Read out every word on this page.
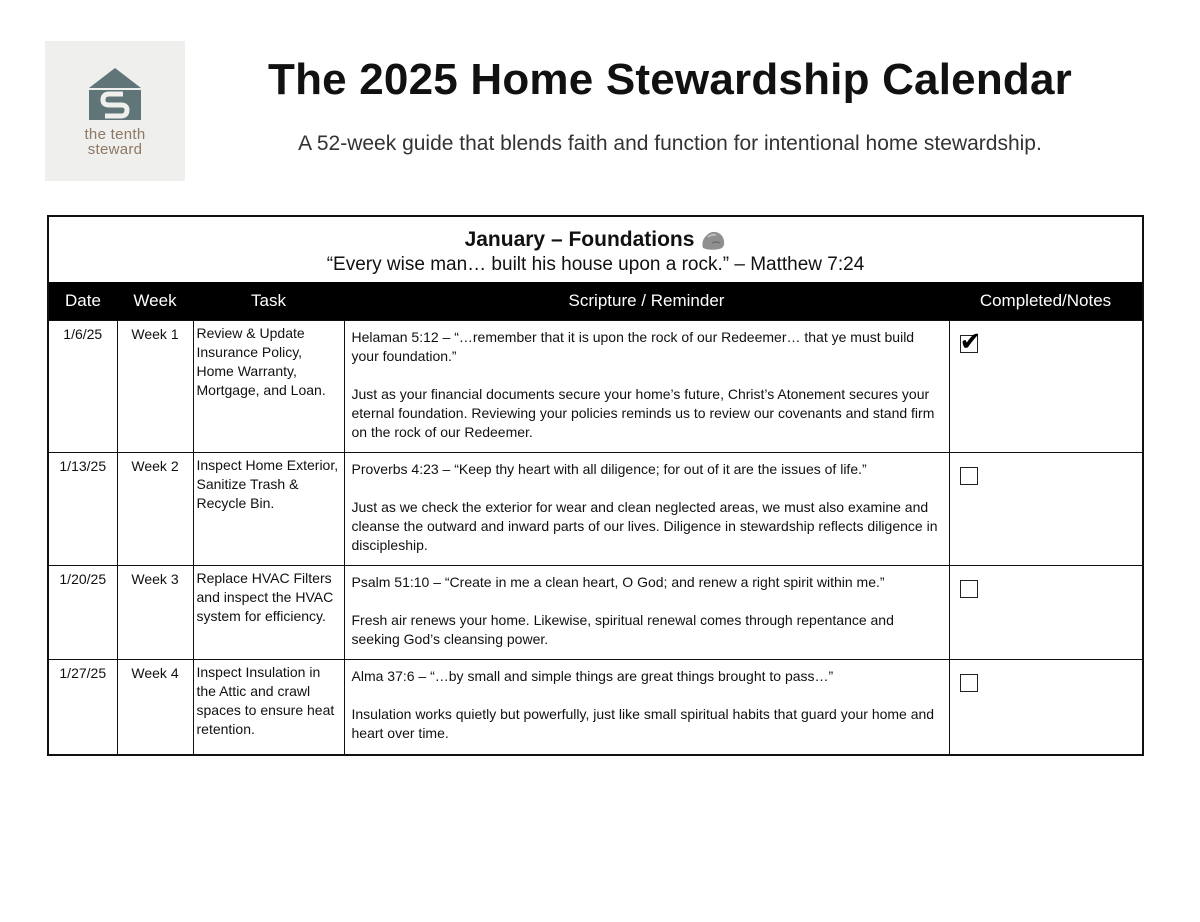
the tenth
steward
The 2025 Home Stewardship Calendar
A 52-week guide that blends faith and function for intentional home stewardship.
January – Foundations
“Every wise man… built his house upon a rock.” – Matthew 7:24
Date	Week	Task	Scripture / Reminder	Completed/Notes
1/6/25	Week 1	Review & Update Insurance Policy, Home Warranty, Mortgage, and Loan.	Helaman 5:12 – “…remember that it is upon the rock of our Redeemer… that ye must build your foundation.”

Just as your financial documents secure your home’s future, Christ’s Atonement secures your eternal foundation. Reviewing your policies reminds us to review our covenants and stand firm on the rock of our Redeemer.	✔

1/13/25	Week 2	Inspect Home Exterior, Sanitize Trash & Recycle Bin.	Proverbs 4:23 – “Keep thy heart with all diligence; for out of it are the issues of life.”

Just as we check the exterior for wear and clean neglected areas, we must also examine and cleanse the outward and inward parts of our lives. Diligence in stewardship reflects diligence in discipleship.	

1/20/25	Week 3	Replace HVAC Filters and inspect the HVAC system for efficiency.	Psalm 51:10 – “Create in me a clean heart, O God; and renew a right spirit within me.”

Fresh air renews your home. Likewise, spiritual renewal comes through repentance and seeking God’s cleansing power.	

1/27/25	Week 4	Inspect Insulation in the Attic and crawl spaces to ensure heat retention.	Alma 37:6 – “…by small and simple things are great things brought to pass…”

Insulation works quietly but powerfully, just like small spiritual habits that guard your home and heart over time.	
